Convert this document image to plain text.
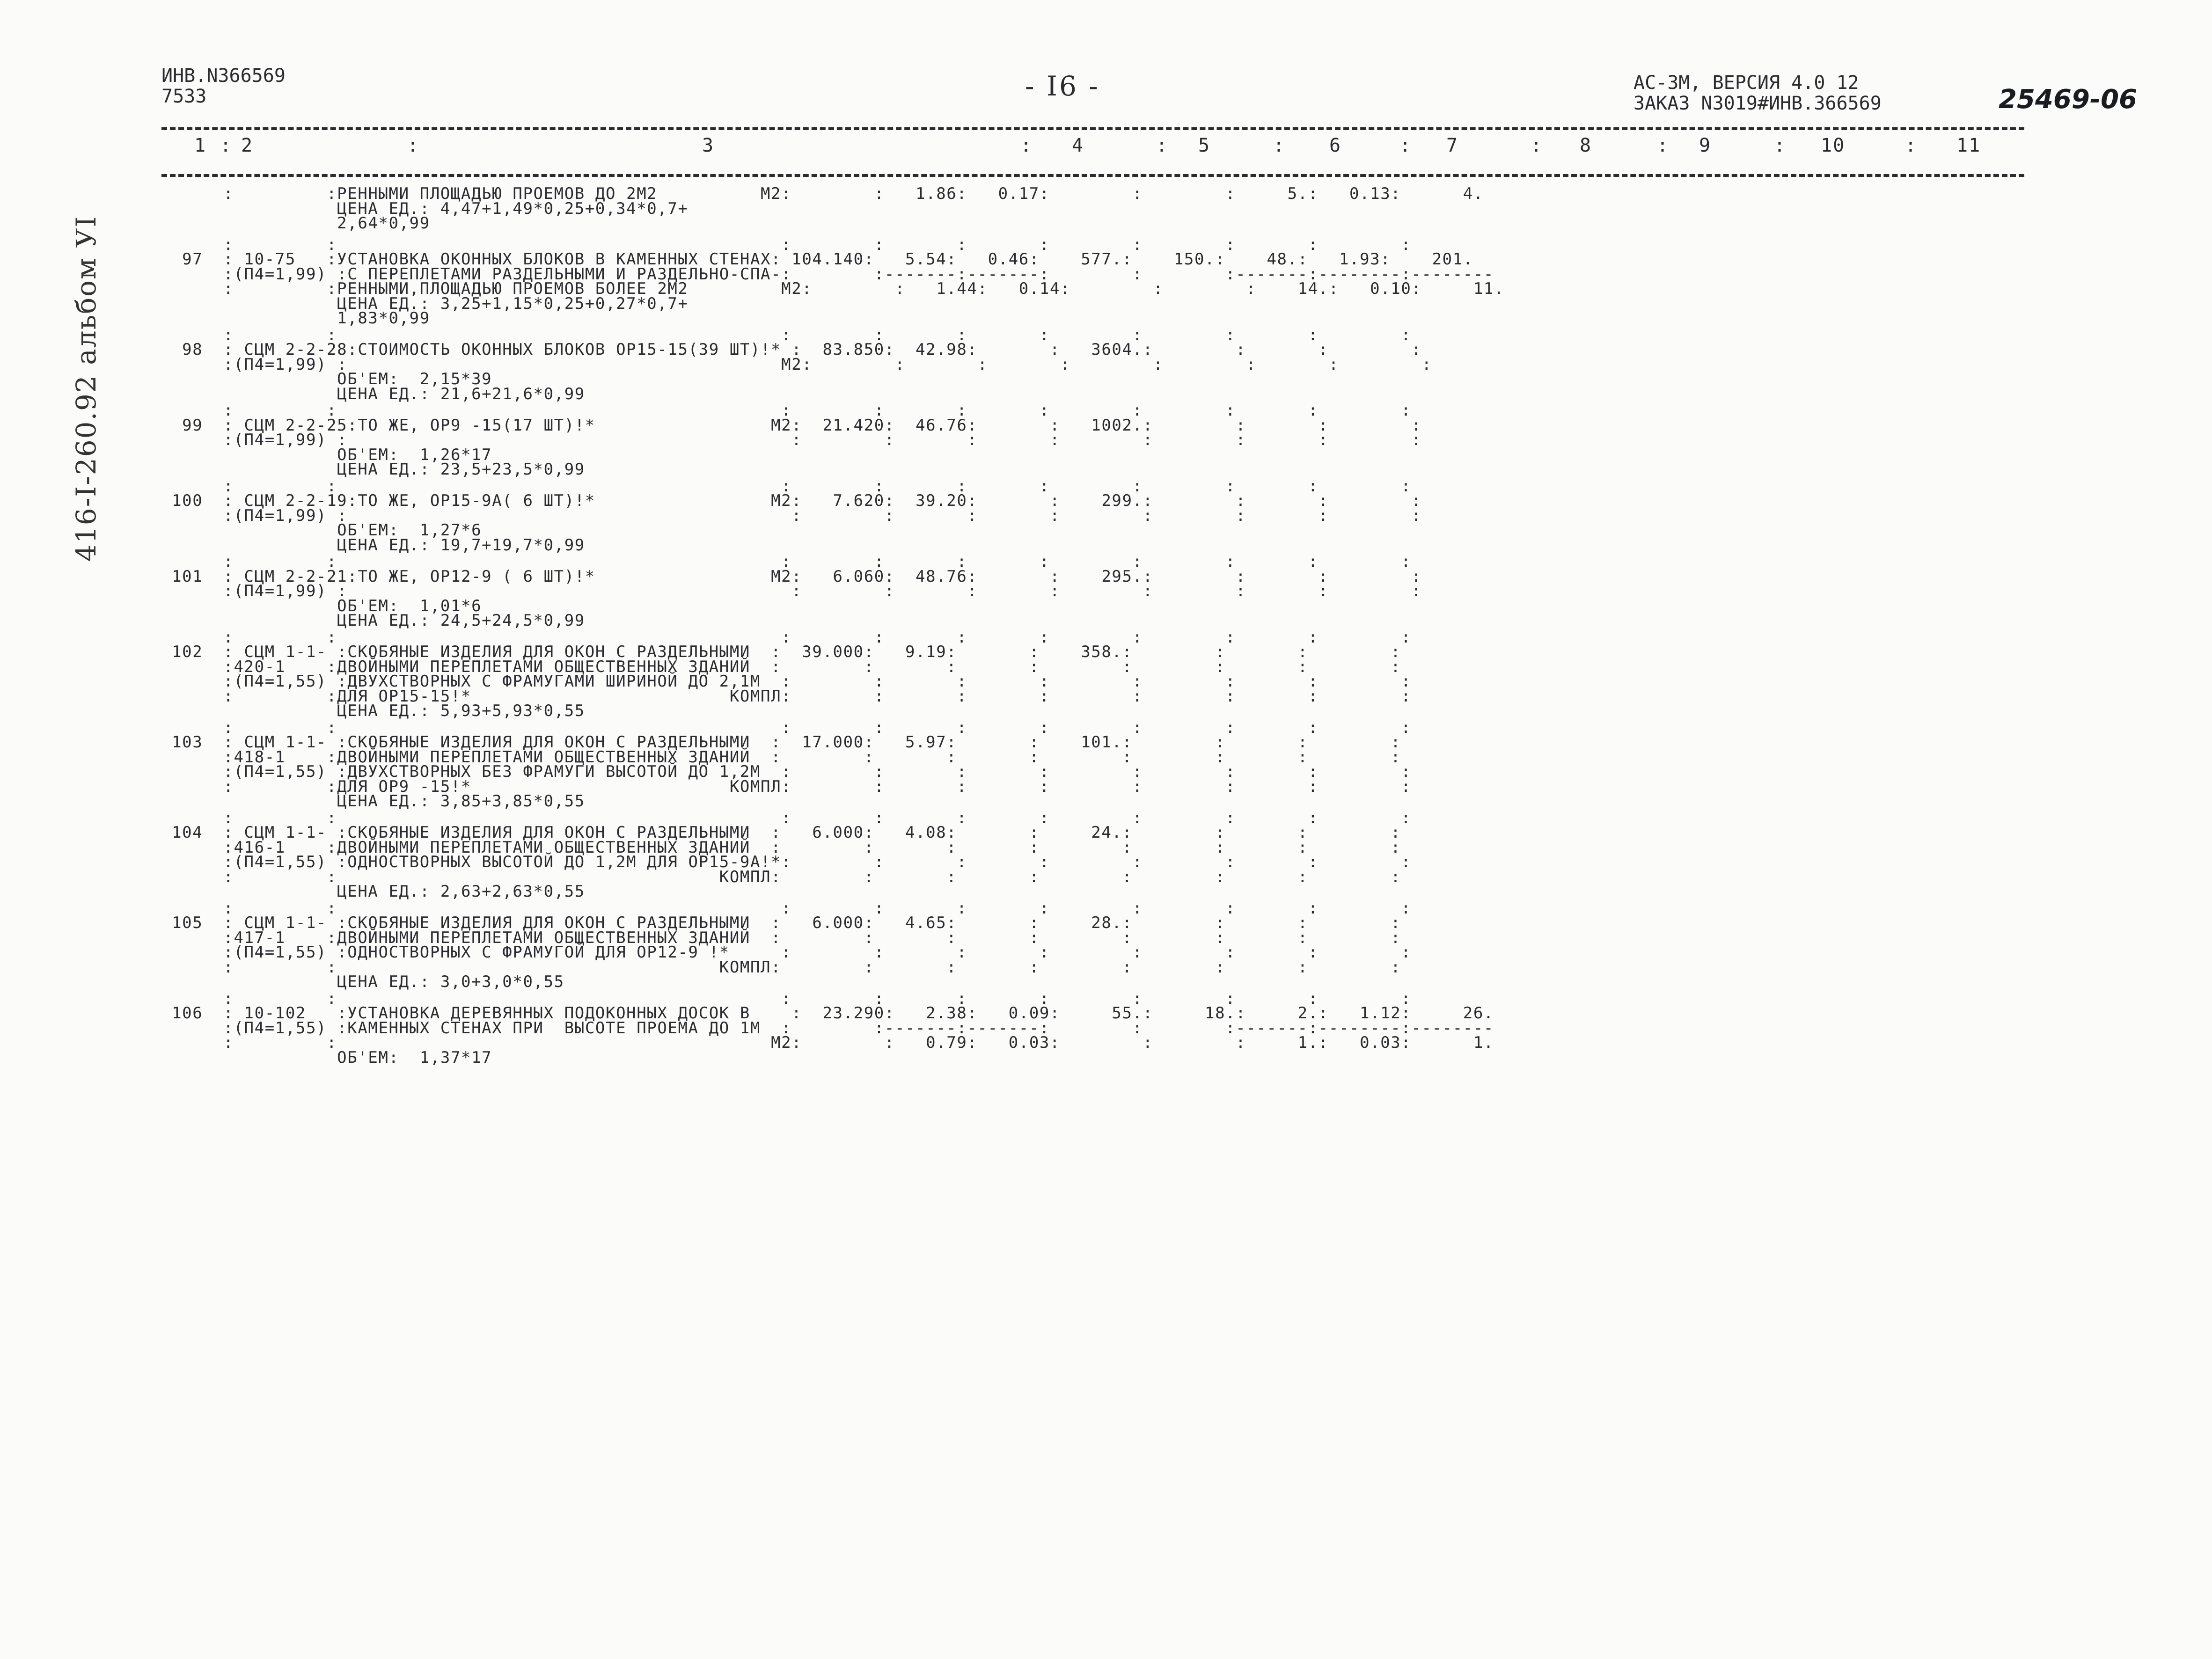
ИНВ.N366569
7533	- I6 -	АС-3М, ВЕРСИЯ 4.0 12
ЗАКАЗ N3019#ИНВ.366569	25469-06
416-I-260.92 альбом УI
1 2	3	4	5	6	7	8	9	10	11
:	:	:	:	:	:	:	:	:	:
:         :РЕННЫМИ ПЛОЩАДЬЮ ПРОЕМОВ ДО 2М2          М2:        :   1.86:   0.17:        :        :     5.:   0.13:      4.
ЦЕНА ЕД.: 4,47+1,49*0,25+0,34*0,7+
2,64*0,99
:         :                                           :        :       :       :        :        :       :        :
97  : 10-75   :УСТАНОВКА ОКОННЫХ БЛОКОВ В КАМЕННЫХ СТЕНАХ: 104.140:   5.54:   0.46:    577.:    150.:    48.:   1.93:    201.
:(П4=1,99) :С ПЕРЕПЛЕТАМИ РАЗДЕЛЬНЫМИ И РАЗДЕЛЬНО-СПА-:        :-------:-------:        :        :-------:--------:--------
:         :РЕННЫМИ,ПЛОЩАДЬЮ ПРОЕМОВ БОЛЕЕ 2М2         М2:        :   1.44:   0.14:        :        :    14.:   0.10:     11.
ЦЕНА ЕД.: 3,25+1,15*0,25+0,27*0,7+
1,83*0,99
:         :                                           :        :       :       :        :        :       :        :
98  : СЦМ 2-2-28:СТОИМОСТЬ ОКОННЫХ БЛОКОВ ОР15-15(39 ШТ)!* :  83.850:  42.98:       :   3604.:        :       :        :
:(П4=1,99) :                                          М2:        :       :       :        :        :       :        :
ОБ'ЕМ:  2,15*39
ЦЕНА ЕД.: 21,6+21,6*0,99
:         :                                           :        :       :       :        :        :       :        :
99  : СЦМ 2-2-25:ТО ЖЕ, ОР9 -15(17 ШТ)!*                 М2:  21.420:  46.76:       :   1002.:        :       :        :
:(П4=1,99) :                                           :        :       :       :        :        :       :        :
ОБ'ЕМ:  1,26*17
ЦЕНА ЕД.: 23,5+23,5*0,99
:         :                                           :        :       :       :        :        :       :        :
100  : СЦМ 2-2-19:ТО ЖЕ, ОР15-9А( 6 ШТ)!*                 М2:   7.620:  39.20:       :    299.:        :       :        :
:(П4=1,99) :                                           :        :       :       :        :        :       :        :
ОБ'ЕМ:  1,27*6
ЦЕНА ЕД.: 19,7+19,7*0,99
:         :                                           :        :       :       :        :        :       :        :
101  : СЦМ 2-2-21:ТО ЖЕ, ОР12-9 ( 6 ШТ)!*                 М2:   6.060:  48.76:       :    295.:        :       :        :
:(П4=1,99) :                                           :        :       :       :        :        :       :        :
ОБ'ЕМ:  1,01*6
ЦЕНА ЕД.: 24,5+24,5*0,99
:         :                                           :        :       :       :        :        :       :        :
102  : СЦМ 1-1- :СКОБЯНЫЕ ИЗДЕЛИЯ ДЛЯ ОКОН С РАЗДЕЛЬНЫМИ  :  39.000:   9.19:       :    358.:        :       :        :
:420-1    :ДВОЙНЫМИ ПЕРЕПЛЕТАМИ ОБЩЕСТВЕННЫХ ЗДАНИЙ  :        :       :       :        :        :       :        :
:(П4=1,55) :ДВУХСТВОРНЫХ С ФРАМУГАМИ ШИРИНОЙ ДО 2,1М  :        :       :       :        :        :       :        :
:         :ДЛЯ ОР15-15!*                         КОМПЛ:        :       :       :        :        :       :        :
ЦЕНА ЕД.: 5,93+5,93*0,55
:         :                                           :        :       :       :        :        :       :        :
103  : СЦМ 1-1- :СКОБЯНЫЕ ИЗДЕЛИЯ ДЛЯ ОКОН С РАЗДЕЛЬНЫМИ  :  17.000:   5.97:       :    101.:        :       :        :
:418-1    :ДВОЙНЫМИ ПЕРЕПЛЕТАМИ ОБЩЕСТВЕННЫХ ЗДАНИЙ  :        :       :       :        :        :       :        :
:(П4=1,55) :ДВУХСТВОРНЫХ БЕЗ ФРАМУГИ ВЫСОТОЙ ДО 1,2М  :        :       :       :        :        :       :        :
:         :ДЛЯ ОР9 -15!*                         КОМПЛ:        :       :       :        :        :       :        :
ЦЕНА ЕД.: 3,85+3,85*0,55
:         :                                           :        :       :       :        :        :       :        :
104  : СЦМ 1-1- :СКОБЯНЫЕ ИЗДЕЛИЯ ДЛЯ ОКОН С РАЗДЕЛЬНЫМИ  :   6.000:   4.08:       :     24.:        :       :        :
:416-1    :ДВОЙНЫМИ ПЕРЕПЛЕТАМИ ОБЩЕСТВЕННЫХ ЗДАНИЙ  :        :       :       :        :        :       :        :
:(П4=1,55) :ОДНОСТВОРНЫХ ВЫСОТОЙ ДО 1,2М ДЛЯ ОР15-9А!*:        :       :       :        :        :       :        :
:         :                                     КОМПЛ:        :       :       :        :        :       :        :
ЦЕНА ЕД.: 2,63+2,63*0,55
:         :                                           :        :       :       :        :        :       :        :
105  : СЦМ 1-1- :СКОБЯНЫЕ ИЗДЕЛИЯ ДЛЯ ОКОН С РАЗДЕЛЬНЫМИ  :   6.000:   4.65:       :     28.:        :       :        :
:417-1    :ДВОЙНЫМИ ПЕРЕПЛЕТАМИ ОБЩЕСТВЕННЫХ ЗДАНИЙ  :        :       :       :        :        :       :        :
:(П4=1,55) :ОДНОСТВОРНЫХ С ФРАМУГОЙ ДЛЯ ОР12-9 !*     :        :       :       :        :        :       :        :
:         :                                     КОМПЛ:        :       :       :        :        :       :        :
ЦЕНА ЕД.: 3,0+3,0*0,55
:         :                                           :        :       :       :        :        :       :        :
106  : 10-102   :УСТАНОВКА ДЕРЕВЯННЫХ ПОДОКОННЫХ ДОСОК В    :  23.290:   2.38:   0.09:     55.:     18.:     2.:   1.12:     26.
:(П4=1,55) :КАМЕННЫХ СТЕНАХ ПРИ  ВЫСОТЕ ПРОЕМА ДО 1М  :        :-------:-------:        :        :-------:--------:--------
:         :                                          М2:        :   0.79:   0.03:        :        :     1.:   0.03:      1.
ОБ'ЕМ:  1,37*17
